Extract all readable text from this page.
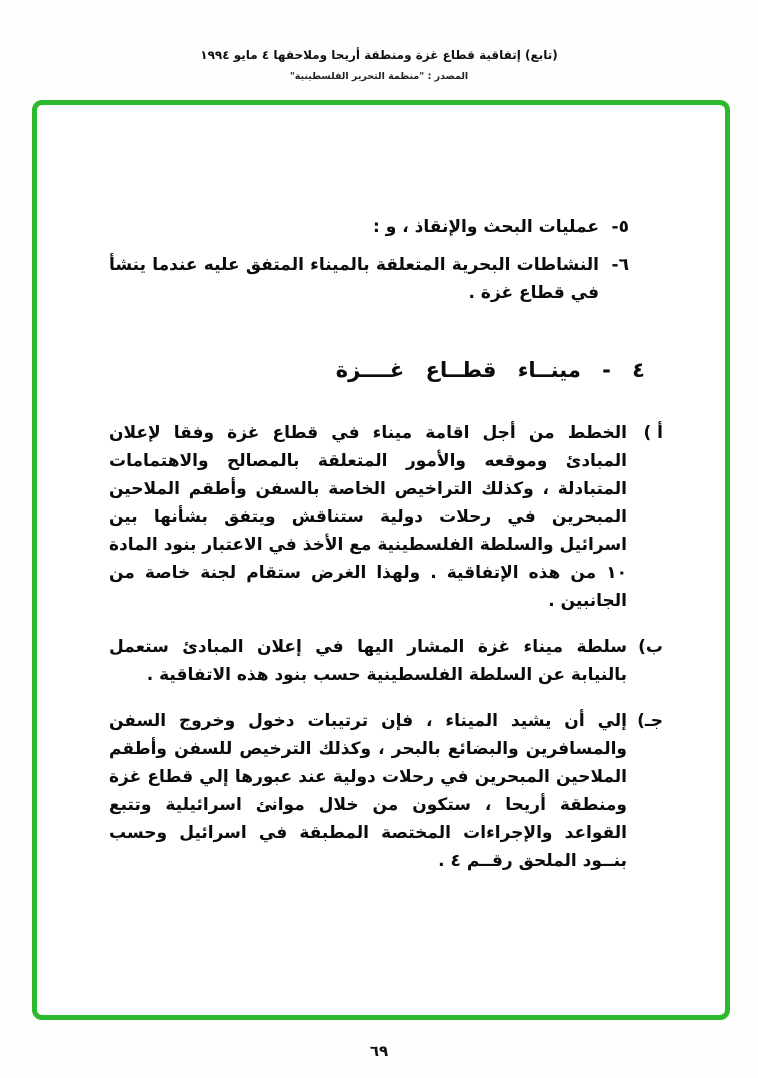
(تابع) إتفاقية قطاع غزة ومنطقة أريحا وملاحقها ٤ مايو ١٩٩٤
المصدر : "منظمة التحرير الفلسطينية"
٥-
عمليات البحث والإنقاذ ، و :
٦-
النشاطات البحرية المتعلقة بالميناء المتفق عليه عندما ينشأ في قطاع غزة .
٤ - مينــاء قطــاع غــــزة
أ )
الخطط من أجل اقامة ميناء في قطاع غزة وفقا لإعلان المبادئ وموقعه والأمور المتعلقة بالمصالح والاهتمامات المتبادلة ، وكذلك التراخيص الخاصة بالسفن وأطقم الملاحين المبحرين في رحلات دولية ستناقش ويتفق بشأنها بين اسرائيل والسلطة الفلسطينية مع الأخذ في الاعتبار بنود المادة ١٠ من هذه الإتفاقية . ولهذا الغرض ستقام لجنة خاصة من الجانبين .
ب)
سلطة ميناء غزة المشار اليها في إعلان المبادئ ستعمل بالنيابة عن السلطة الفلسطينية حسب بنود هذه الاتفاقية .
جـ)
إلي أن يشيد الميناء ، فإن ترتيبات دخول وخروج السفن والمسافرين والبضائع بالبحر ، وكذلك الترخيص للسفن وأطقم الملاحين المبحرين في رحلات دولية عند عبورها إلي قطاع غزة ومنطقة أريحا ، ستكون من خلال موانئ اسرائيلية وتتبع القواعد والإجراءات المختصة المطبقة في اسرائيل وحسب بنــود الملحق رقــم ٤ .
٦٩
